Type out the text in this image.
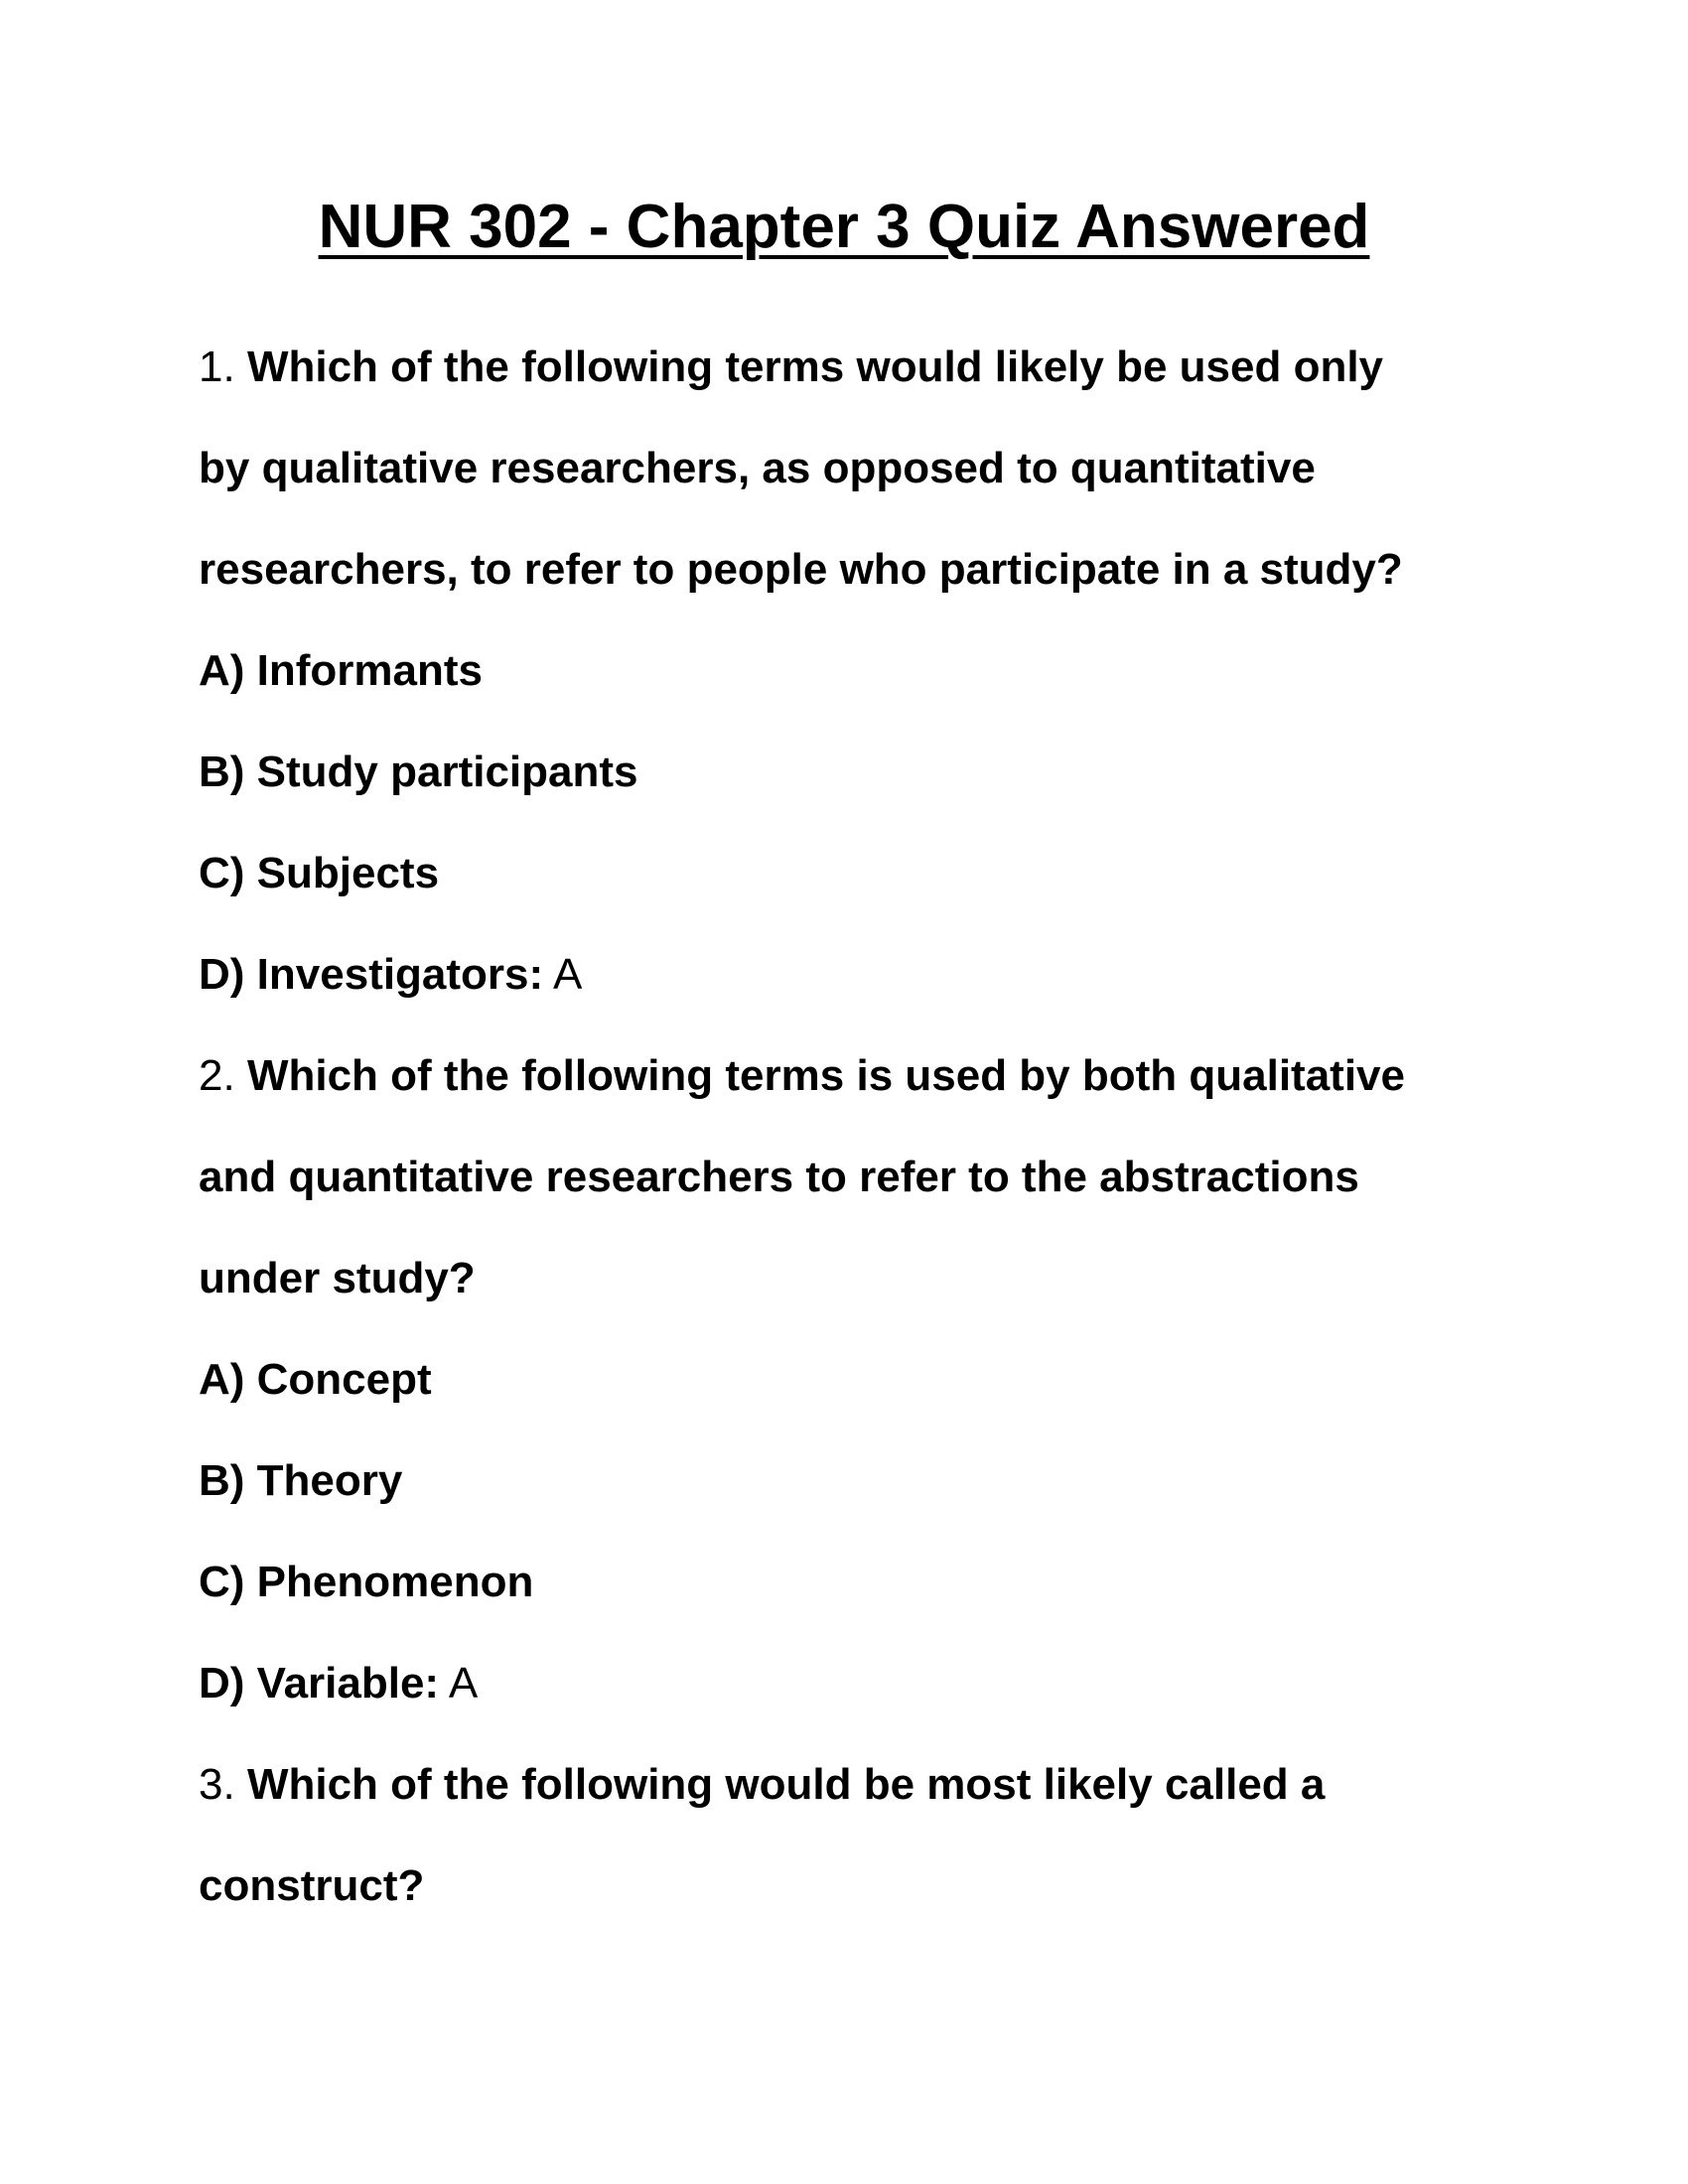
NUR 302 - Chapter 3 Quiz Answered
1. Which of the following terms would likely be used only
by qualitative researchers, as opposed to quantitative
researchers, to refer to people who participate in a study?
A) Informants
B) Study participants
C) Subjects
D) Investigators: A
2. Which of the following terms is used by both qualitative
and quantitative researchers to refer to the abstractions
under study?
A) Concept
B) Theory
C) Phenomenon
D) Variable: A
3. Which of the following would be most likely called a
construct?
